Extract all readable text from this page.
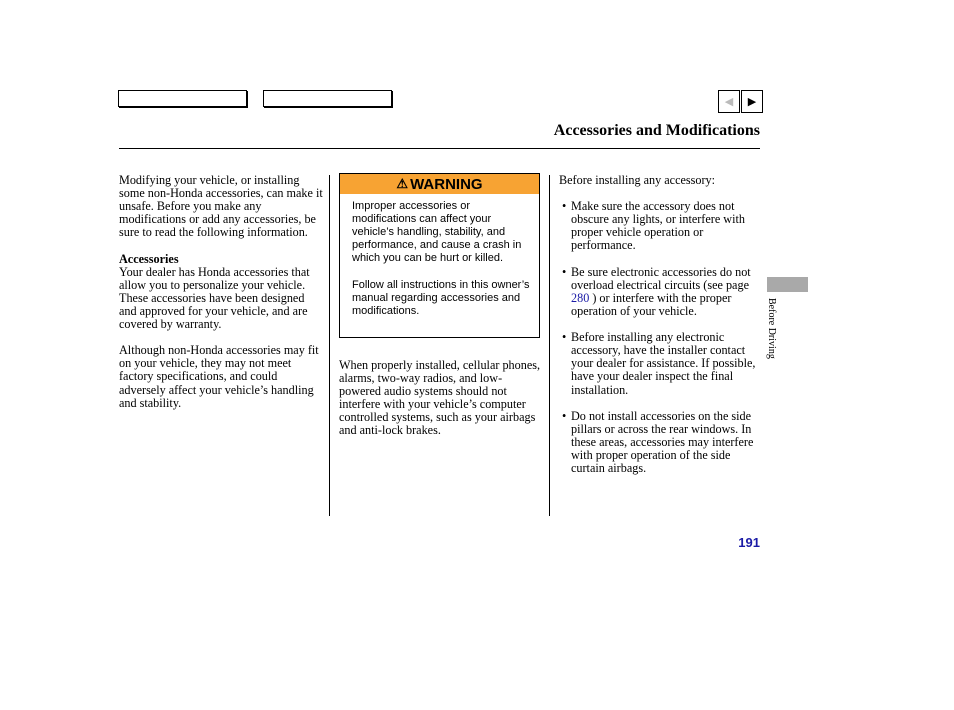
◀ ▶
Accessories and Modifications

Modifying your vehicle, or installing some non-Honda accessories, can make it unsafe. Before you make any modifications or add any accessories, be sure to read the following information.

Accessories

Your dealer has Honda accessories that allow you to personalize your vehicle. These accessories have been designed and approved for your vehicle, and are covered by warranty.

Although non-Honda accessories may fit on your vehicle, they may not meet factory specifications, and could adversely affect your vehicle’s handling and stability.

⚠ WARNING

Improper accessories or modifications can affect your vehicle’s handling, stability, and performance, and cause a crash in which you can be hurt or killed.

Follow all instructions in this owner’s manual regarding accessories and modifications.

When properly installed, cellular phones, alarms, two-way radios, and low-powered audio systems should not interfere with your vehicle’s computer controlled systems, such as your airbags and anti-lock brakes.

Before installing any accessory:

• Make sure the accessory does not obscure any lights, or interfere with proper vehicle operation or performance.
• Be sure electronic accessories do not overload electrical circuits (see page 280 ) or interfere with the proper operation of your vehicle.
• Before installing any electronic accessory, have the installer contact your dealer for assistance. If possible, have your dealer inspect the final installation.
• Do not install accessories on the side pillars or across the rear windows. In these areas, accessories may interfere with proper operation of the side curtain airbags.
Before Driving
191
